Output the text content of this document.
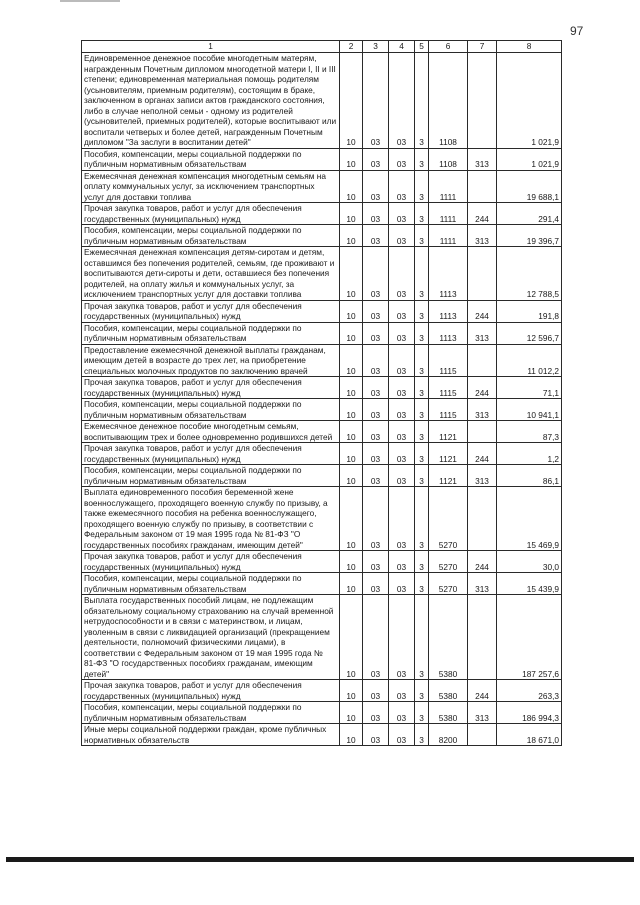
97
1	2	3	4	5	6	7	8
Единовременное денежное пособие многодетным матерям, награжденным Почетным дипломом многодетной матери I, II и III степени; единовременная материальная помощь родителям (усыновителям, приемным родителям), состоящим в браке, заключенном в органах записи актов гражданского состояния, либо в случае неполной семьи - одному из родителей (усыновителей, приемных родителей), которые воспитывают или воспитали четверых и более детей, награжденным Почетным дипломом "За заслуги в воспитании детей"	10	03	03	3	1108		1 021,9
Пособия, компенсации, меры социальной поддержки по публичным нормативным обязательствам	10	03	03	3	1108	313	1 021,9
Ежемесячная денежная компенсация многодетным семьям на оплату коммунальных услуг, за исключением транспортных услуг для доставки топлива	10	03	03	3	1111		19 688,1
Прочая закупка товаров, работ и услуг для обеспечения государственных (муниципальных) нужд	10	03	03	3	1111	244	291,4
Пособия, компенсации, меры социальной поддержки по публичным нормативным обязательствам	10	03	03	3	1111	313	19 396,7
Ежемесячная денежная компенсация детям-сиротам и детям, оставшимся без попечения родителей, семьям, где проживают и воспитываются дети-сироты и дети, оставшиеся без попечения родителей, на оплату жилья и коммунальных услуг, за исключением транспортных услуг для доставки топлива	10	03	03	3	1113		12 788,5
Прочая закупка товаров, работ и услуг для обеспечения государственных (муниципальных) нужд	10	03	03	3	1113	244	191,8
Пособия, компенсации, меры социальной поддержки по публичным нормативным обязательствам	10	03	03	3	1113	313	12 596,7
Предоставление ежемесячной денежной выплаты гражданам, имеющим детей в возрасте до трех лет, на приобретение специальных молочных продуктов по заключению врачей	10	03	03	3	1115		11 012,2
Прочая закупка товаров, работ и услуг для обеспечения государственных (муниципальных) нужд	10	03	03	3	1115	244	71,1
Пособия, компенсации, меры социальной поддержки по публичным нормативным обязательствам	10	03	03	3	1115	313	10 941,1
Ежемесячное денежное пособие многодетным семьям, воспитывающим трех и более одновременно родившихся детей	10	03	03	3	1121		87,3
Прочая закупка товаров, работ и услуг для обеспечения государственных (муниципальных) нужд	10	03	03	3	1121	244	1,2
Пособия, компенсации, меры социальной поддержки по публичным нормативным обязательствам	10	03	03	3	1121	313	86,1
Выплата единовременного пособия беременной жене военнослужащего, проходящего военную службу по призыву, а также ежемесячного пособия на ребенка военнослужащего, проходящего военную службу по призыву, в соответствии с Федеральным законом от 19 мая 1995 года № 81-ФЗ "О государственных пособиях гражданам, имеющим детей"	10	03	03	3	5270		15 469,9
Прочая закупка товаров, работ и услуг для обеспечения государственных (муниципальных) нужд	10	03	03	3	5270	244	30,0
Пособия, компенсации, меры социальной поддержки по публичным нормативным обязательствам	10	03	03	3	5270	313	15 439,9
Выплата государственных пособий лицам, не подлежащим обязательному социальному страхованию на случай временной нетрудоспособности и в связи с материнством, и лицам, уволенным в связи с ликвидацией организаций (прекращением деятельности, полномочий физическими лицами), в соответствии с Федеральным законом от 19 мая 1995 года № 81-ФЗ "О государственных пособиях гражданам, имеющим детей"	10	03	03	3	5380		187 257,6
Прочая закупка товаров, работ и услуг для обеспечения государственных (муниципальных) нужд	10	03	03	3	5380	244	263,3
Пособия, компенсации, меры социальной поддержки по публичным нормативным обязательствам	10	03	03	3	5380	313	186 994,3
Иные меры социальной поддержки граждан, кроме публичных нормативных обязательств	10	03	03	3	8200		18 671,0
